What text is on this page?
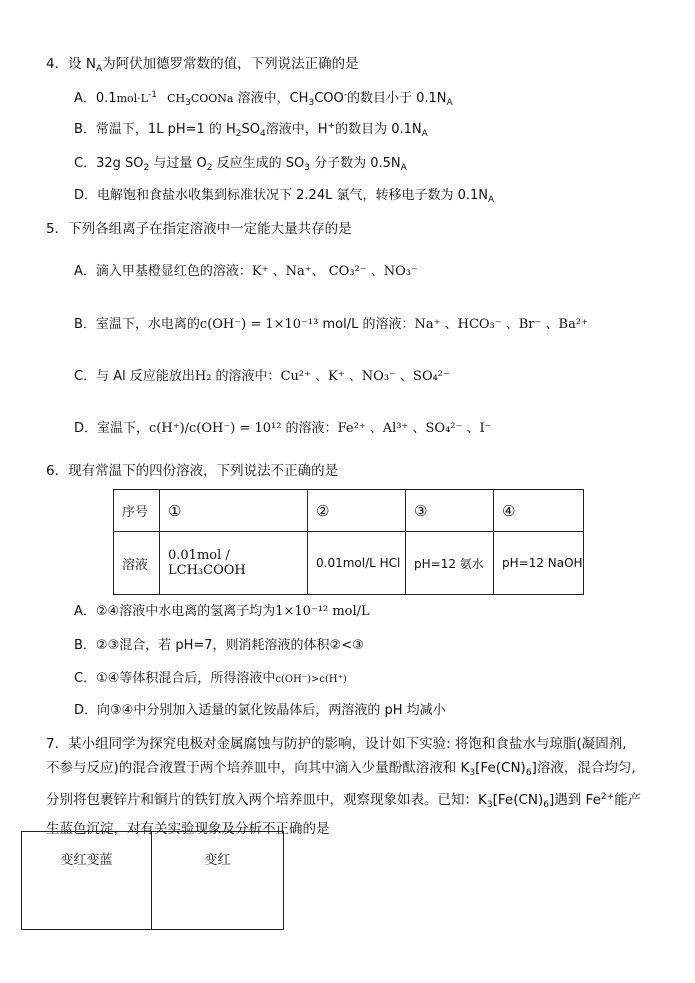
4．设 $N_A$为阿伏加德罗常数的值，下列说法正确的是
A．$0.1mol\cdot L^{-1}$ $CH_3COONa$ 溶液中，$CH_3COO^-$的数目小于 $0.1N_A$
B．常温下，1L pH=1 的 $H_2SO_4$溶液中，H+的数目为 $0.1N_A$
C．32g $SO_2$ 与过量 $O_2$ 反应生成的 $SO_3$ 分子数为 $0.5N_A$
D．电解饱和食盐水收集到标准状况下 2.24L 氯气，转移电子数为 $0.1N_A$
5．下列各组离子在指定溶液中一定能大量共存的是
A．滴入甲基橙显红色的溶液：K⁺ 、Na⁺、 CO₃²⁻ 、NO₃⁻
B．室温下，水电离的c(OH⁻) = 1×10⁻¹³ mol/L 的溶液：Na⁺ 、HCO₃⁻ 、Br⁻ 、Ba²⁺
C．与 Al 反应能放出H₂ 的溶液中：Cu²⁺ 、K⁺ 、NO₃⁻ 、SO₄²⁻
D．室温下，c(H⁺)/c(OH⁻) = 10¹² 的溶液：Fe²⁺ 、Al³⁺ 、SO₄²⁻ 、I⁻
6．现有常温下的四份溶液，下列说法不正确的是
序号	①	②	③	④
溶液	0.01mol / LCH₃COOH	0.01mol/L HCl	pH=12 氨水	pH=12 NaOH
A．②④溶液中水电离的氢离子均为1×10⁻¹² mol/L
B．②③混合，若 pH=7，则消耗溶液的体积②<③
C．①④等体积混合后，所得溶液中c(OH⁻)>c(H⁺)
D．向③④中分别加入适量的氯化铵晶体后，两溶液的 pH 均减小
7．某小组同学为探究电极对金属腐蚀与防护的影响，设计如下实验: 将饱和食盐水与琼脂(凝固剂,
不参与反应)的混合液置于两个培养皿中，向其中滴入少量酚酞溶液和 $K_3[Fe(CN)_6]$溶液，混合均匀,
分别将包裹锌片和铜片的铁钉放入两个培养皿中，观察现象如表。已知：$K_3[Fe(CN)_6]$遇到 $Fe^{2+}$能产
生蓝色沉淀，对有关实验现象及分析不正确的是
变红变蓝	变红
